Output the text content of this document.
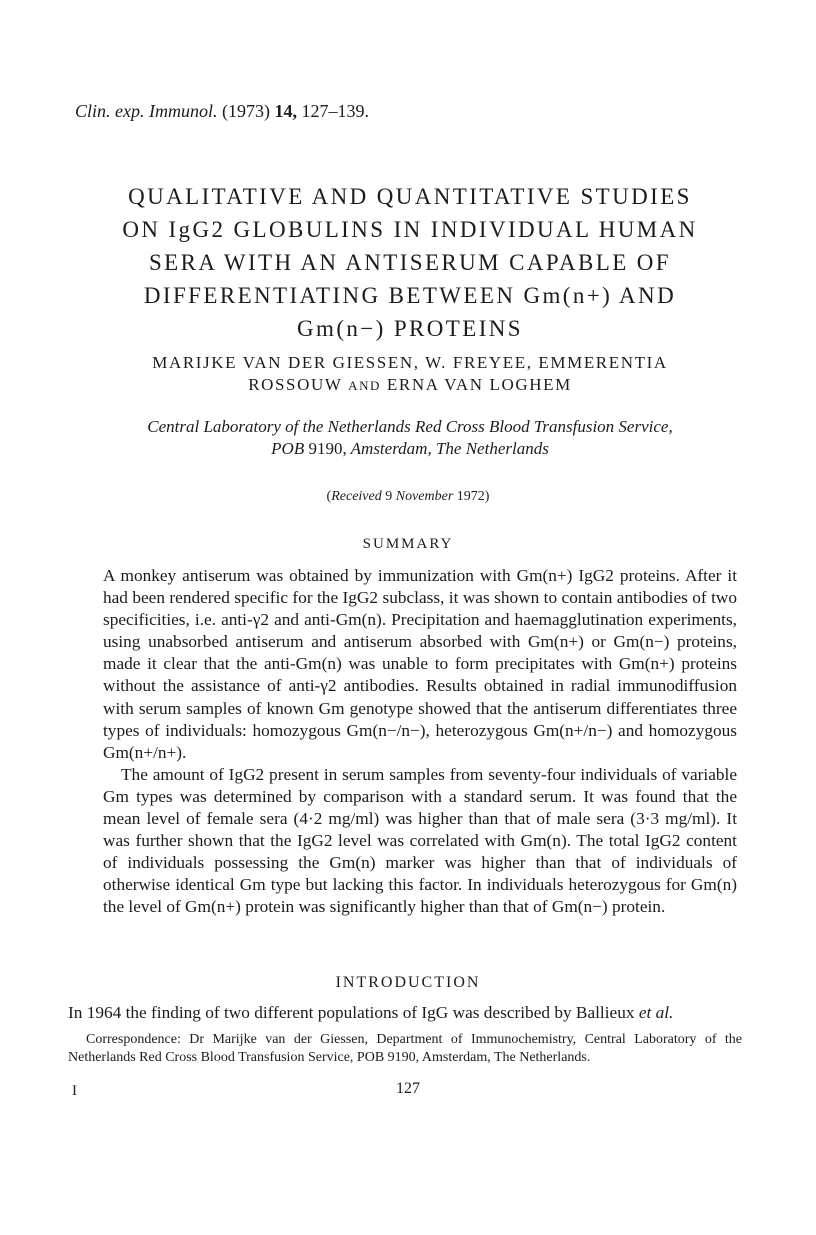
Clin. exp. Immunol. (1973) 14, 127–139.
QUALITATIVE AND QUANTITATIVE STUDIES
ON IgG2 GLOBULINS IN INDIVIDUAL HUMAN
SERA WITH AN ANTISERUM CAPABLE OF
DIFFERENTIATING BETWEEN Gm(n+) AND
Gm(n−) PROTEINS

MARIJKE VAN DER GIESSEN, W. FREYEE, EMMERENTIA
ROSSOUW AND ERNA VAN LOGHEM

Central Laboratory of the Netherlands Red Cross Blood Transfusion Service,
POB 9190, Amsterdam, The Netherlands

(Received 9 November 1972)
SUMMARY

A monkey antiserum was obtained by immunization with Gm(n+) IgG2 proteins. After it had been rendered specific for the IgG2 subclass, it was shown to contain antibodies of two specificities, i.e. anti-γ2 and anti-Gm(n). Precipitation and haemagglutination experiments, using unabsorbed antiserum and antiserum absorbed with Gm(n+) or Gm(n−) proteins, made it clear that the anti-Gm(n) was unable to form precipitates with Gm(n+) proteins without the assistance of anti-γ2 antibodies. Results obtained in radial immunodiffusion with serum samples of known Gm genotype showed that the antiserum differentiates three types of individuals: homozygous Gm(n−/n−), heterozygous Gm(n+/n−) and homozygous Gm(n+/n+).

The amount of IgG2 present in serum samples from seventy-four individuals of variable Gm types was determined by comparison with a standard serum. It was found that the mean level of female sera (4·2 mg/ml) was higher than that of male sera (3·3 mg/ml). It was further shown that the IgG2 level was correlated with Gm(n). The total IgG2 content of individuals possessing the Gm(n) marker was higher than that of individuals of otherwise identical Gm type but lacking this factor. In individuals heterozygous for Gm(n) the level of Gm(n+) protein was significantly higher than that of Gm(n−) protein.

INTRODUCTION

In 1964 the finding of two different populations of IgG was described by Ballieux et al.

Correspondence: Dr Marijke van der Giessen, Department of Immunochemistry, Central Laboratory of the Netherlands Red Cross Blood Transfusion Service, POB 9190, Amsterdam, The Netherlands.

I	127
